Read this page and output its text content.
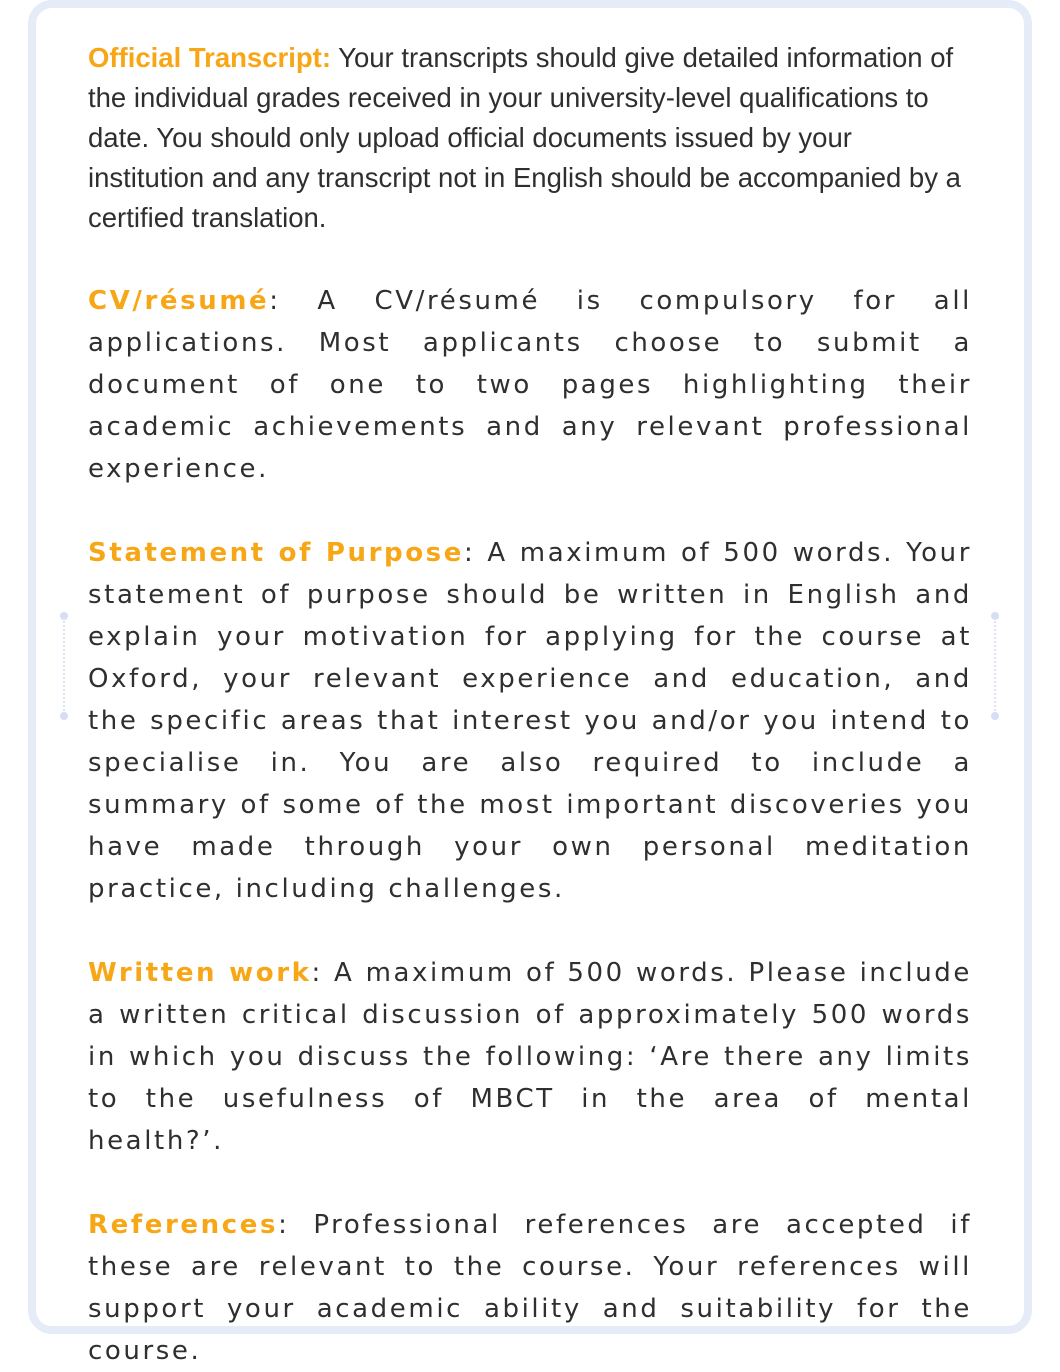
Official Transcript: Your transcripts should give detailed information of the individual grades received in your university-level qualifications to date. You should only upload official documents issued by your institution and any transcript not in English should be accompanied by a certified translation.

CV/résumé: A CV/résumé is compulsory for all applications. Most applicants choose to submit a document of one to two pages highlighting their academic achievements and any relevant professional experience.

Statement of Purpose: A maximum of 500 words. Your statement of purpose should be written in English and explain your motivation for applying for the course at Oxford, your relevant experience and education, and the specific areas that interest you and/or you intend to specialise in. You are also required to include a summary of some of the most important discoveries you have made through your own personal meditation practice, including challenges.

Written work: A maximum of 500 words. Please include a written critical discussion of approximately 500 words in which you discuss the following: ‘Are there any limits to the usefulness of MBCT in the area of mental health?’.

References: Professional references are accepted if these are relevant to the course. Your references will support your academic ability and suitability for the course.
